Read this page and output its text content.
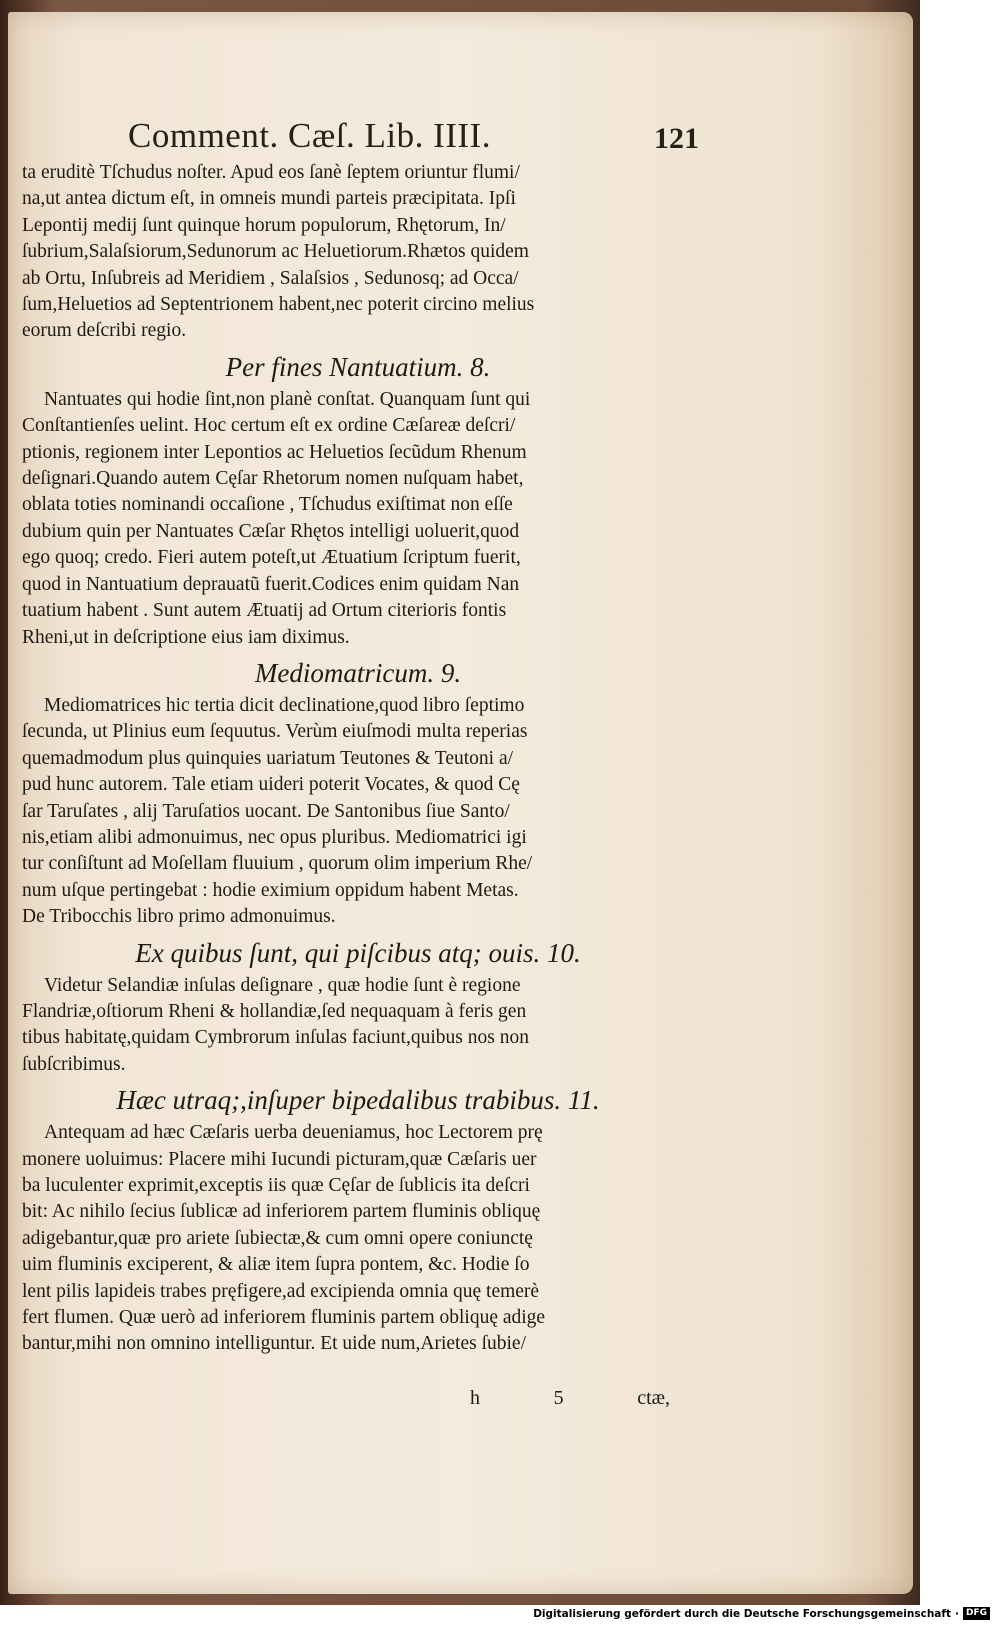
Comment. Cæſ. Lib. IIII.	121
ta eruditè Tſchudus noſter. Apud eos ſanè ſeptem oriuntur flumi/
na,ut antea dictum eſt, in omneis mundi parteis præcipitata. Ipſi
Lepontij medij ſunt quinque horum populorum, Rhętorum, In/
ſubrium,Salaſsiorum,Sedunorum ac Heluetiorum.Rhætos quidem
ab Ortu, Inſubreis ad Meridiem , Salaſsios , Sedunosq; ad Occa/
ſum,Heluetios ad Septentrionem habent,nec poterit circino melius
eorum deſcribi regio.
Per fines Nantuatium. 8.
Nantuates qui hodie ſint,non planè conſtat. Quanquam ſunt qui
Conſtantienſes uelint. Hoc certum eſt ex ordine Cæſareæ deſcri/
ptionis, regionem inter Lepontios ac Heluetios ſecũdum Rhenum
deſignari.Quando autem Cęſar Rhetorum nomen nuſquam habet,
oblata toties nominandi occaſione , Tſchudus exiſtimat non eſſe
dubium quin per Nantuates Cæſar Rhętos intelligi uoluerit,quod
ego quoq; credo. Fieri autem poteſt,ut Ætuatium ſcriptum fuerit,
quod in Nantuatium deprauatũ fuerit.Codices enim quidam Nan
tuatium habent . Sunt autem Ætuatij ad Ortum citerioris fontis
Rheni,ut in deſcriptione eius iam diximus.
Mediomatricum. 9.
Mediomatrices hic tertia dicit declinatione,quod libro ſeptimo
ſecunda, ut Plinius eum ſequutus. Verùm eiuſmodi multa reperias
quemadmodum plus quinquies uariatum Teutones & Teutoni a/
pud hunc autorem. Tale etiam uideri poterit Vocates, & quod Cę
ſar Taruſates , alij Taruſatios uocant. De Santonibus ſiue Santo/
nis,etiam alibi admonuimus, nec opus pluribus. Mediomatrici igi
tur conſiſtunt ad Moſellam fluuium , quorum olim imperium Rhe/
num uſque pertingebat : hodie eximium oppidum habent Metas.
De Tribocchis libro primo admonuimus.
Ex quibus ſunt, qui piſcibus atq; ouis. 10.
Videtur Selandiæ inſulas deſignare , quæ hodie ſunt è regione
Flandriæ,oſtiorum Rheni & hollandiæ,ſed nequaquam à feris gen
tibus habitatę,quidam Cymbrorum inſulas faciunt,quibus nos non
ſubſcribimus.
Hæc utraq;,inſuper bipedalibus trabibus. 11.
Antequam ad hæc Cæſaris uerba deueniamus, hoc Lectorem prę
monere uoluimus: Placere mihi Iucundi picturam,quæ Cæſaris uer
ba luculenter exprimit,exceptis iis quæ Cęſar de ſublicis ita deſcri
bit: Ac nihilo ſecius ſublicæ ad inferiorem partem fluminis obliquę
adigebantur,quæ pro ariete ſubiectæ,& cum omni opere coniunctę
uim fluminis exciperent, & aliæ item ſupra pontem, &c. Hodie ſo
lent pilis lapideis trabes pręfigere,ad excipienda omnia quę temerè
fert flumen. Quæ uerò ad inferiorem fluminis partem obliquę adige
bantur,mihi non omnino intelliguntur. Et uide num,Arietes ſubie/
h	5	ctæ,
Digitalisierung gefördert durch die Deutsche Forschungsgemeinschaft · DFG
